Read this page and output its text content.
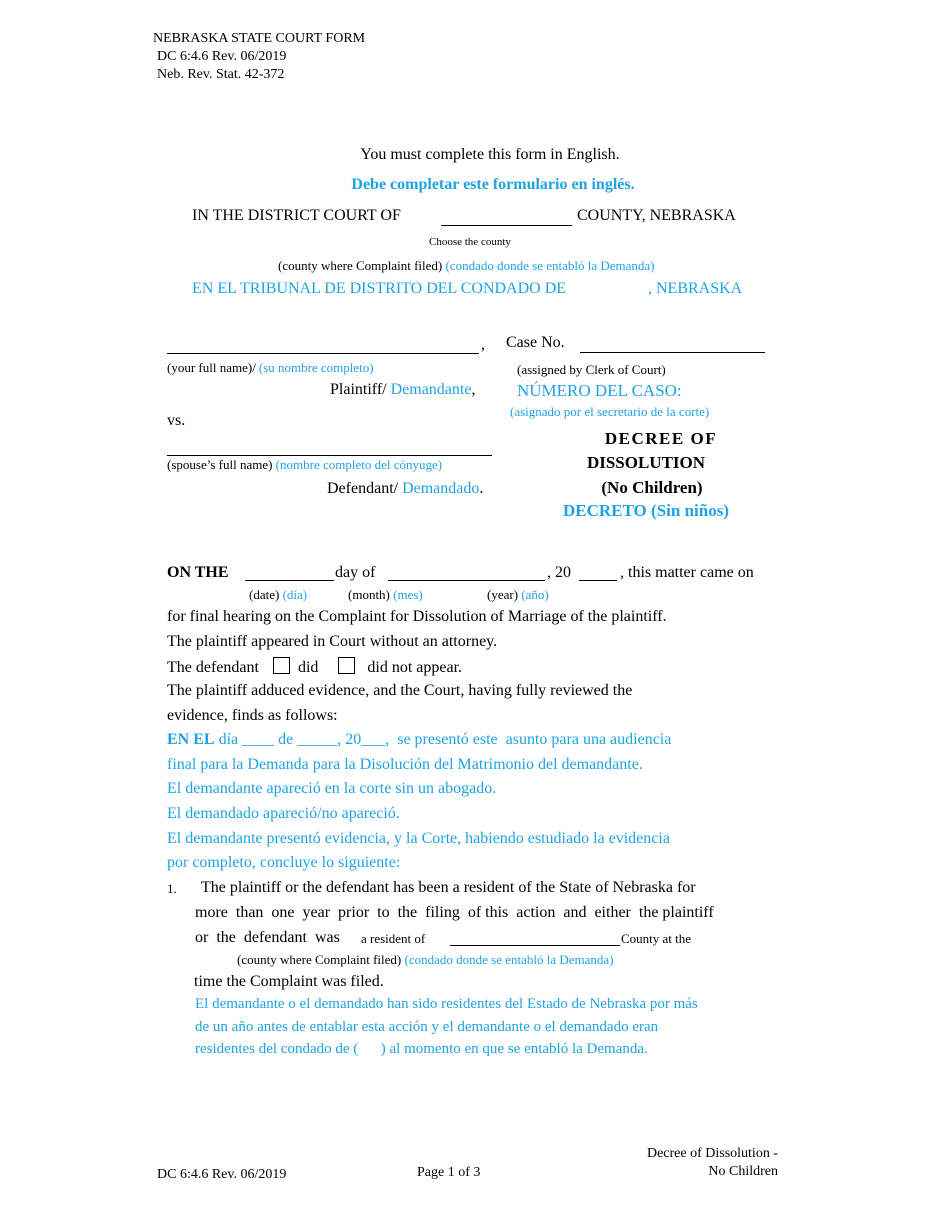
NEBRASKA STATE COURT FORM
DC 6:4.6 Rev. 06/2019
Neb. Rev. Stat. 42-372
You must complete this form in English.
Debe completar este formulario en inglés.
IN THE DISTRICT COURT OF	COUNTY, NEBRASKA
Choose the county
(county where Complaint filed) (condado donde se entabló la Demanda)
EN EL TRIBUNAL DE DISTRITO DEL CONDADO DE	, NEBRASKA
, Case No.
(your full name)/ (su nombre completo)	(assigned by Clerk of Court)
Plaintiff/ Demandante, NÚMERO DEL CASO:
(asignado por el secretario de la corte)
vs.
(spouse’s full name) (nombre completo del cónyuge)
Defendant/ Demandado.
DECREE OF
DISSOLUTION
(No Children)
DECRETO (Sin niños)
ON THE	day of	, 20	, this matter came on
(date) (día)	(month) (mes)	(year) (año)
for final hearing on the Complaint for Dissolution of Marriage of the plaintiff.
The plaintiff appeared in Court without an attorney.
The defendant did	did not appear.
The plaintiff adduced evidence, and the Court, having fully reviewed the
evidence, finds as follows:
EN EL día ____ de _____, 20___,  se presentó este  asunto para una audiencia
final para la Demanda para la Disolución del Matrimonio del demandante.
El demandante apareció en la corte sin un abogado.
El demandado apareció/no apareció.
El demandante presentó evidencia, y la Corte, habiendo estudiado la evidencia
por completo, concluye lo siguiente:
1. The plaintiff or the defendant has been a resident of the State of Nebraska for
more  than  one  year  prior  to  the  filing  of this  action  and  either  the plaintiff
or  the  defendant  was a resident of	County at the
(county where Complaint filed) (condado donde se entabló la Demanda)
time the Complaint was filed.
El demandante o el demandado han sido residentes del Estado de Nebraska por más
de un año antes de entablar esta acción y el demandante o el demandado eran
residentes del condado de (      ) al momento en que se entabló la Demanda.
DC 6:4.6 Rev. 06/2019	Page 1 of 3
Decree of Dissolution -
No Children
